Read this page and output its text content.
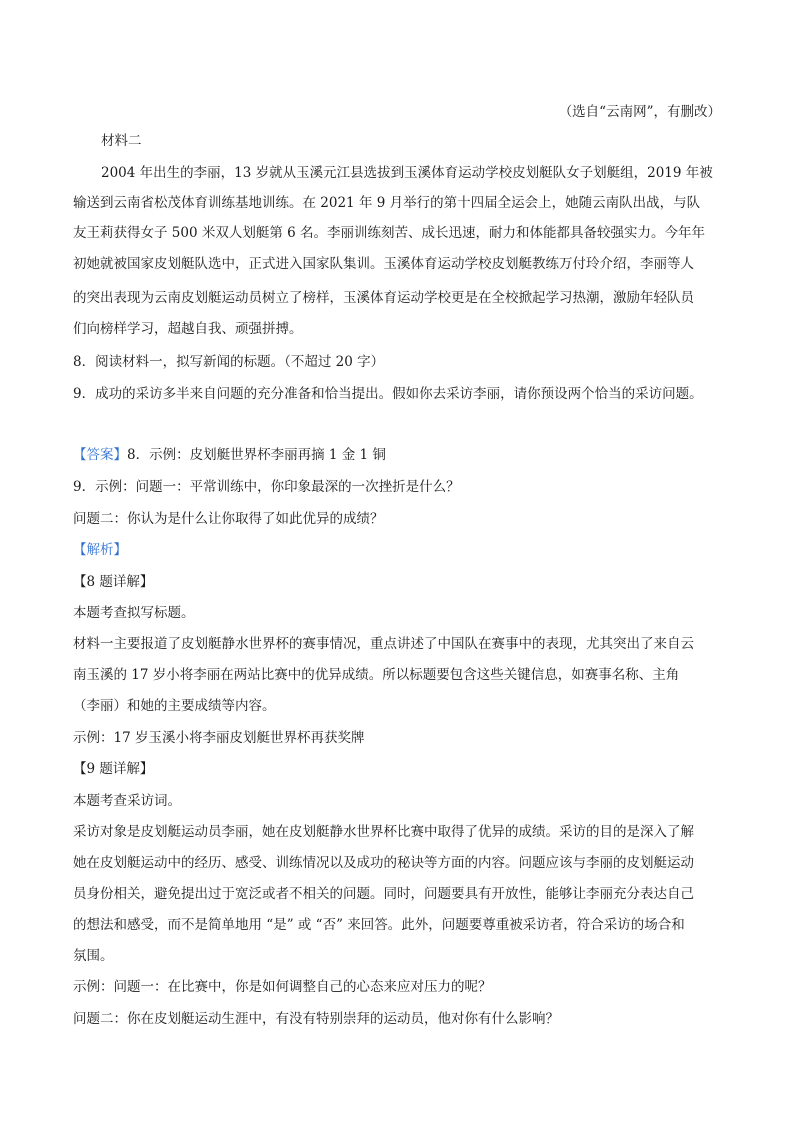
（选自“云南网”，有删改）
材料二
2004 年出生的李丽，13 岁就从玉溪元江县选拔到玉溪体育运动学校皮划艇队女子划艇组，2019 年被
输送到云南省松茂体育训练基地训练。在 2021 年 9 月举行的第十四届全运会上，她随云南队出战，与队
友王莉获得女子 500 米双人划艇第 6 名。李丽训练刻苦、成长迅速，耐力和体能都具备较强实力。今年年
初她就被国家皮划艇队选中，正式进入国家队集训。玉溪体育运动学校皮划艇教练万付玲介绍，李丽等人
的突出表现为云南皮划艇运动员树立了榜样，玉溪体育运动学校更是在全校掀起学习热潮，激励年轻队员
们向榜样学习，超越自我、顽强拼搏。
8．阅读材料一，拟写新闻的标题。（不超过 20 字）
9．成功的采访多半来自问题的充分准备和恰当提出。假如你去采访李丽，请你预设两个恰当的采访问题。
【答案】8．示例：皮划艇世界杯李丽再摘 1 金 1 铜
9．示例：问题一：平常训练中，你印象最深的一次挫折是什么？
问题二：你认为是什么让你取得了如此优异的成绩？
【解析】
【8 题详解】
本题考查拟写标题。
材料一主要报道了皮划艇静水世界杯的赛事情况，重点讲述了中国队在赛事中的表现，尤其突出了来自云
南玉溪的 17 岁小将李丽在两站比赛中的优异成绩。所以标题要包含这些关键信息，如赛事名称、主角
（李丽）和她的主要成绩等内容。
示例：17 岁玉溪小将李丽皮划艇世界杯再获奖牌
【9 题详解】
本题考查采访词。
采访对象是皮划艇运动员李丽，她在皮划艇静水世界杯比赛中取得了优异的成绩。采访的目的是深入了解
她在皮划艇运动中的经历、感受、训练情况以及成功的秘诀等方面的内容。问题应该与李丽的皮划艇运动
员身份相关，避免提出过于宽泛或者不相关的问题。同时，问题要具有开放性，能够让李丽充分表达自己
的想法和感受，而不是简单地用 “是” 或 “否” 来回答。此外，问题要尊重被采访者，符合采访的场合和
氛围。
示例：问题一：在比赛中，你是如何调整自己的心态来应对压力的呢？
问题二：你在皮划艇运动生涯中，有没有特别崇拜的运动员，他对你有什么影响？
